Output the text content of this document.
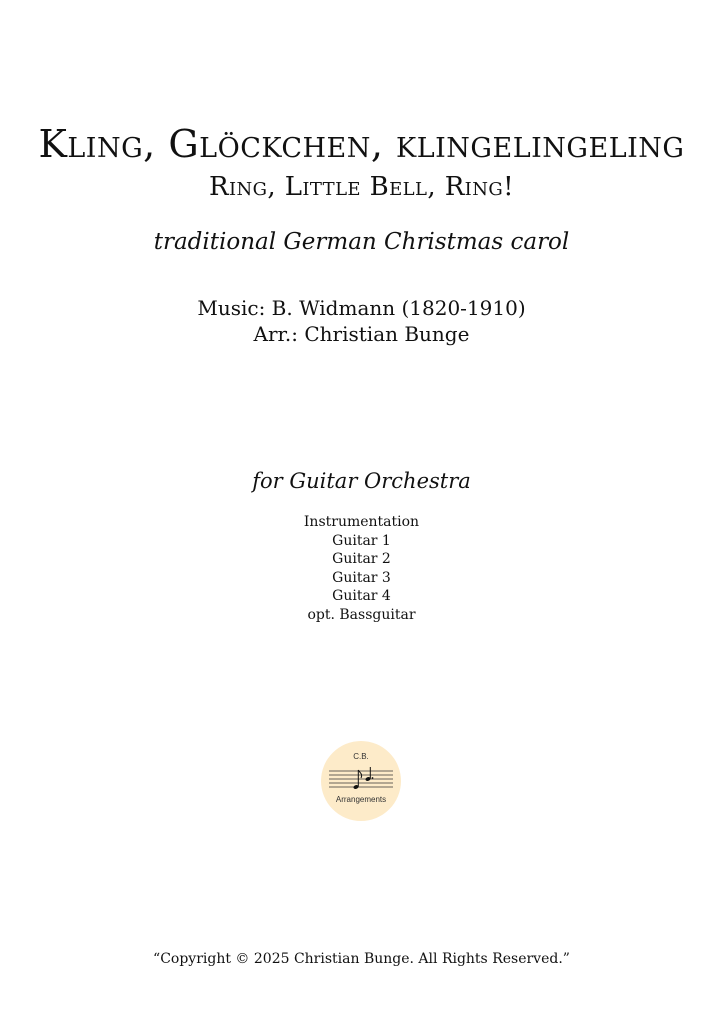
Kling, Glöckchen, klingelingeling
Ring, Little Bell, Ring!
traditional German Christmas carol
Music: B. Widmann (1820-1910)
Arr.: Christian Bunge
for Guitar Orchestra
Instrumentation
Guitar 1
Guitar 2
Guitar 3
Guitar 4
opt. Bassguitar
C.B.
Arrangements
“Copyright © 2025 Christian Bunge. All Rights Reserved.”
